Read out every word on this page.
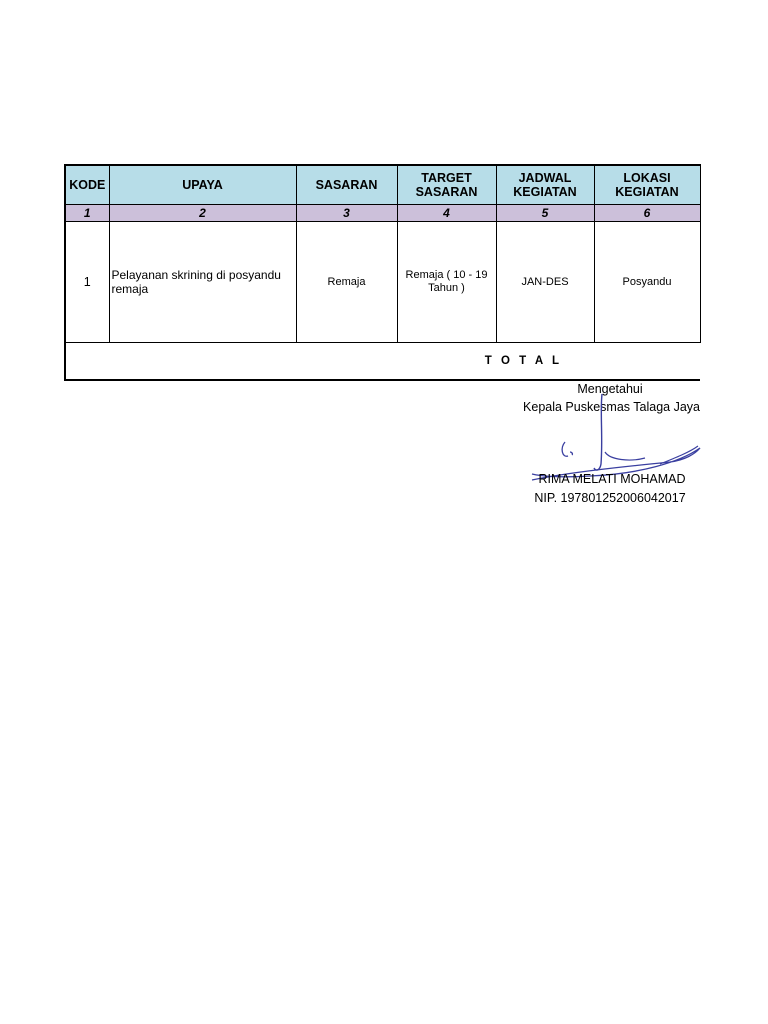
KODE	UPAYA	SASARAN	TARGET SASARAN	JADWAL KEGIATAN	LOKASI KEGIATAN

1	2	3	4	5	6
1	Pelayanan skrining di posyandu remaja	Remaja	Remaja ( 10 - 19 Tahun )	JAN-DES	Posyandu
T O T A L					
Mengetahui
Kepala Puskesmas Talaga Jaya
RIMA MELATI MOHAMAD
NIP. 197801252006042017
